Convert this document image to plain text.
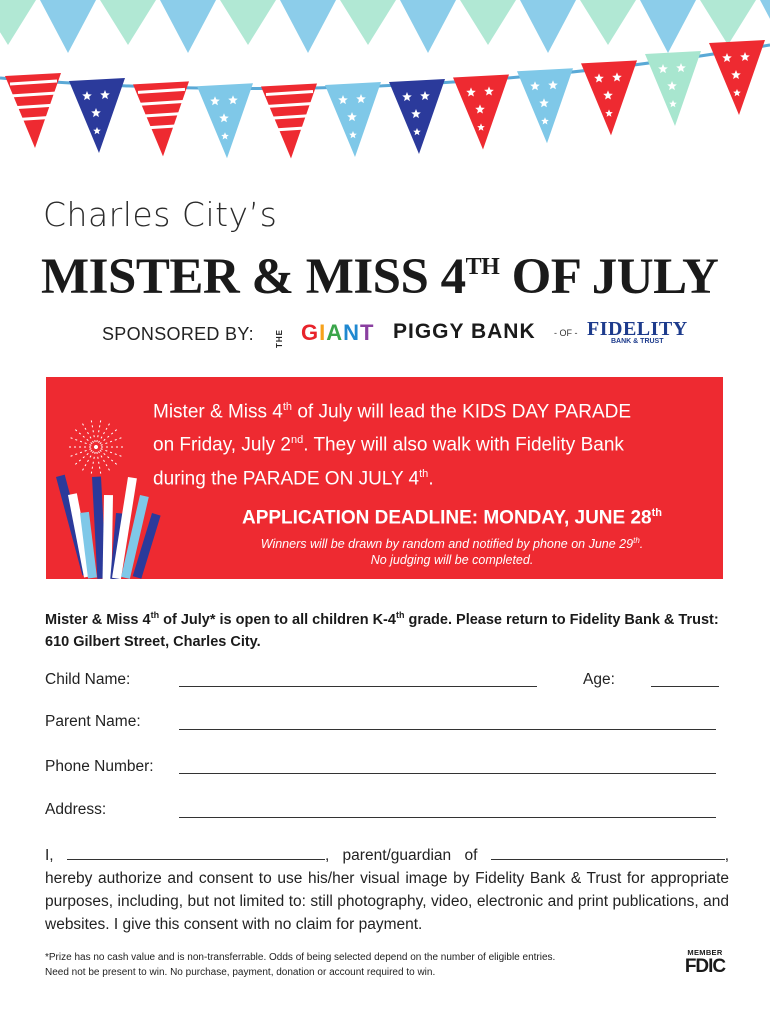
Charles City’s
MISTER & MISS 4TH OF JULY
SPONSORED BY:	THE GIANT PIGGY BANK - OF - FIDELITY
BANK & TRUST
Mister & Miss 4th of July will lead the KIDS DAY PARADE
on Friday, July 2nd. They will also walk with Fidelity Bank
during the PARADE ON JULY 4th.
APPLICATION DEADLINE: MONDAY, JUNE 28th
Winners will be drawn by random and notified by phone on June 29th.
No judging will be completed.
Mister & Miss 4th of July* is open to all children K-4th grade. Please return to Fidelity Bank & Trust: 610 Gilbert Street, Charles City.
Child Name:	Age:
Parent Name:
Phone Number:
Address:
I,	, parent/guardian of	, hereby authorize and consent to use his/her visual image by Fidelity Bank & Trust for appropriate purposes, including, but not limited to: still photography, video, electronic and print publications, and websites. I give this consent with no claim for payment.
*Prize has no cash value and is non-transferrable. Odds of being selected depend on the number of eligible entries.
Need not be present to win. No purchase, payment, donation or account required to win.
MEMBER
FDIC
